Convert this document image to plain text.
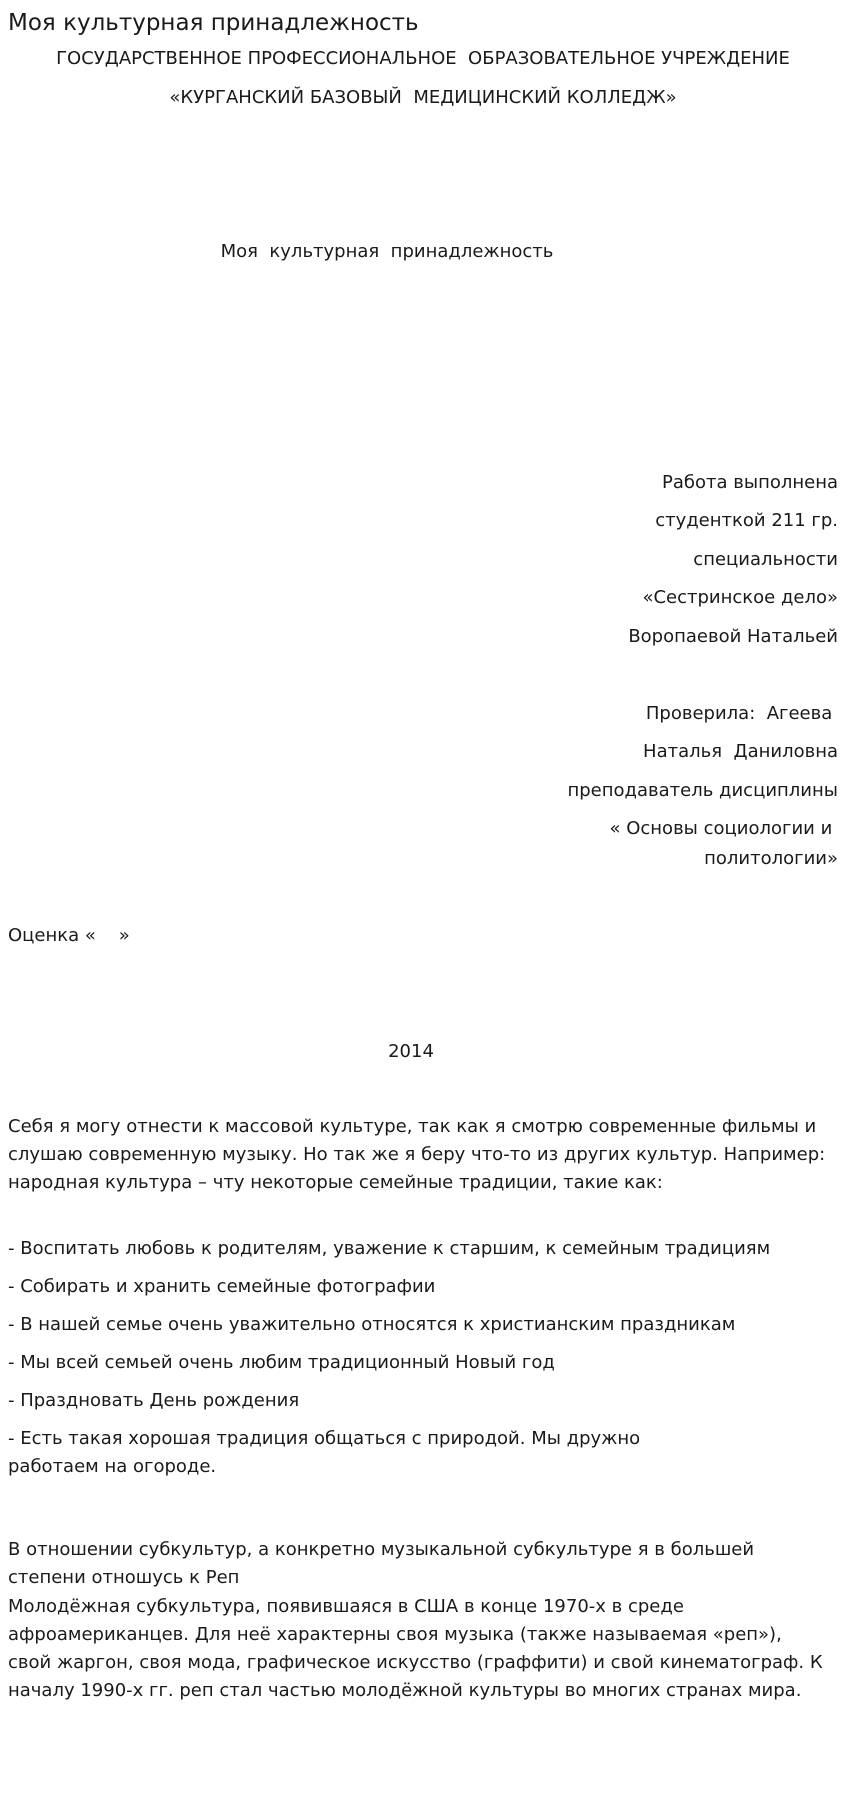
Моя культурная принадлежность
ГОСУДАРСТВЕННОЕ ПРОФЕССИОНАЛЬНОЕ  ОБРАЗОВАТЕЛЬНОЕ УЧРЕЖДЕНИЕ
«КУРГАНСКИЙ БАЗОВЫЙ  МЕДИЦИНСКИЙ КОЛЛЕДЖ»
Моя  культурная  принадлежность
Работа выполнена
студенткой 211 гр.
специальности
«Сестринское дело»
Воропаевой Натальей
Проверила:  Агеева
Наталья  Даниловна
преподаватель дисциплины
« Основы социологии и
политологии»
Оценка «    »
2014

Себя я могу отнести к массовой культуре, так как я смотрю современные фильмы и слушаю современную музыку. Но так же я беру что-то из других культур. Например: народная культура – чту некоторые семейные традиции, такие как:

- Воспитать любовь к родителям, уважение к старшим, к семейным традициям
- Собирать и хранить семейные фотографии
- В нашей семье очень уважительно относятся к христианским праздникам
- Мы всей семьей очень любим традиционный Новый год
- Праздновать День рождения
- Есть такая хорошая традиция общаться с природой. Мы дружно работаем на огороде.

В отношении субкультур, а конкретно музыкальной субкультуре я в большей степени отношусь к Реп

Молодёжная субкультура, появившаяся в США в конце 1970-х в среде афроамериканцев. Для неё характерны своя музыка (также называемая «реп»), свой жаргон, своя мода, графическое искусство (граффити) и свой кинематограф. К началу 1990-х гг. реп стал частью молодёжной культуры во многих странах мира.
